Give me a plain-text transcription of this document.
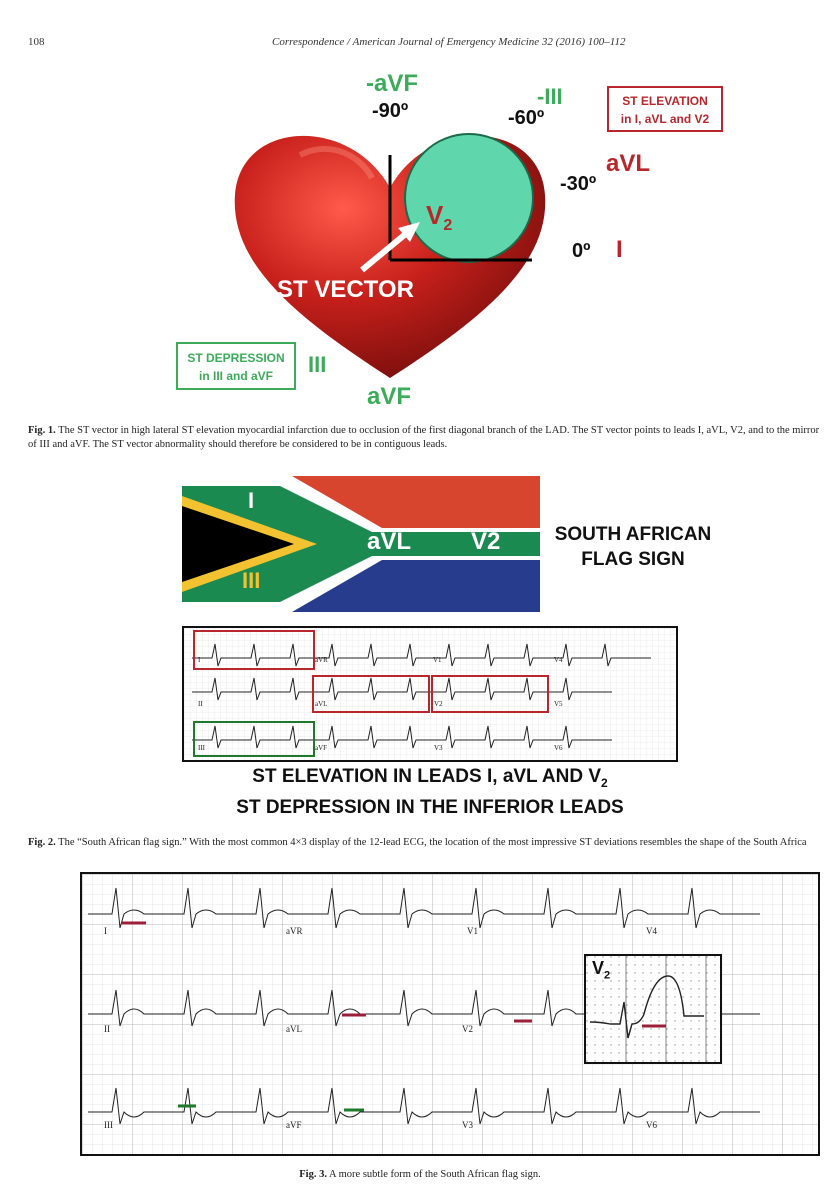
108	Correspondence / American Journal of Emergency Medicine 32 (2016) 100–112
-aVF
-90º
-III
-60º
aVL
-30º
0º I
$V_2$
ST VECTOR
III
aVF
ST ELEVATION
in I, aVL and V2
ST DEPRESSION
in III and aVF
Fig. 1. The ST vector in high lateral ST elevation myocardial infarction due to occlusion of the first diagonal branch of the LAD. The ST vector points to leads I, aVL, V2, and to the mirror
of III and aVF. The ST vector abnormality should therefore be considered to be in contiguous leads.
I
aVL V2
III
SOUTH AFRICAN
FLAG SIGN
I	aVR	V1	V4
II	aVL	V2	V5
III	aVF	V3	V6
ST ELEVATION IN LEADS I, aVL AND $V_2$
ST DEPRESSION IN THE INFERIOR LEADS
Fig. 2. The “South African flag sign.” With the most common 4×3 display of the 12-lead ECG, the location of the most impressive ST deviations resembles the shape of the South Africa
I	aVR	V1	V4
II	aVL	V2
III	aVF	V3	V6
$V_2$
Fig. 3. A more subtle form of the South African flag sign.
